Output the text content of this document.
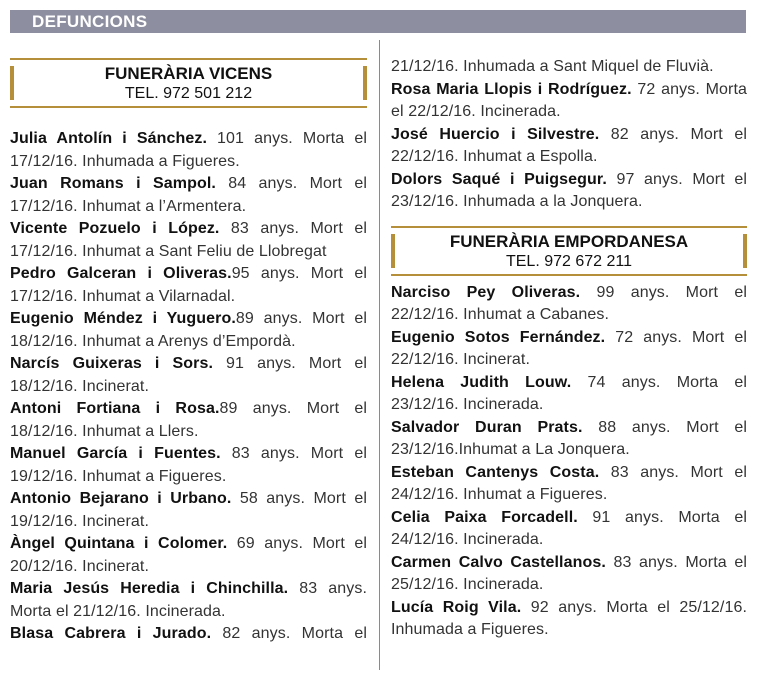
DEFUNCIONS
FUNERÀRIA VICENS
TEL. 972 501 212

Julia Antolín i Sánchez. 101 anys. Morta el 17/12/16. Inhumada a Figueres.

Juan Romans i Sampol. 84 anys. Mort el 17/12/16. Inhumat a l’Armentera.

Vicente Pozuelo i López. 83 anys. Mort el 17/12/16. Inhumat a Sant Feliu de Llobregat

Pedro Galceran i Oliveras.95 anys. Mort el 17/12/16. Inhumat a Vilarnadal.

Eugenio Méndez i Yuguero.89 anys. Mort el 18/12/16. Inhumat a Arenys d’Empordà.

Narcís Guixeras i Sors. 91 anys. Mort el 18/12/16. Incinerat.

Antoni Fortiana i Rosa.89 anys. Mort el 18/12/16. Inhumat a Llers.

Manuel García i Fuentes. 83 anys. Mort el 19/12/16. Inhumat a Figueres.

Antonio Bejarano i Urbano. 58 anys. Mort el 19/12/16. Incinerat.

Àngel Quintana i Colomer. 69 anys. Mort el 20/12/16. Incinerat.

Maria Jesús Heredia i Chinchilla. 83 anys. Morta el 21/12/16. Incinerada.

Blasa Cabrera i Jurado. 82 anys. Morta el

21/12/16. Inhumada a Sant Miquel de Fluvià.

Rosa Maria Llopis i Rodríguez. 72 anys. Morta el 22/12/16. Incinerada.

José Huercio i Silvestre. 82 anys. Mort el 22/12/16. Inhumat a Espolla.

Dolors Saqué i Puigsegur. 97 anys. Mort el 23/12/16. Inhumada a la Jonquera.

FUNERÀRIA EMPORDANESA
TEL. 972 672 211

Narciso Pey Oliveras. 99 anys. Mort el 22/12/16. Inhumat a Cabanes.

Eugenio Sotos Fernández. 72 anys. Mort el 22/12/16. Incinerat.

Helena Judith Louw. 74 anys. Morta el 23/12/16. Incinerada.

Salvador Duran Prats. 88 anys. Mort el 23/12/16.Inhumat a La Jonquera.

Esteban Cantenys Costa. 83 anys. Mort el 24/12/16. Inhumat a Figueres.

Celia Paixa Forcadell. 91 anys. Morta el 24/12/16. Incinerada.

Carmen Calvo Castellanos. 83 anys. Morta el 25/12/16. Incinerada.

Lucía Roig Vila. 92 anys. Morta el 25/12/16. Inhumada a Figueres.
